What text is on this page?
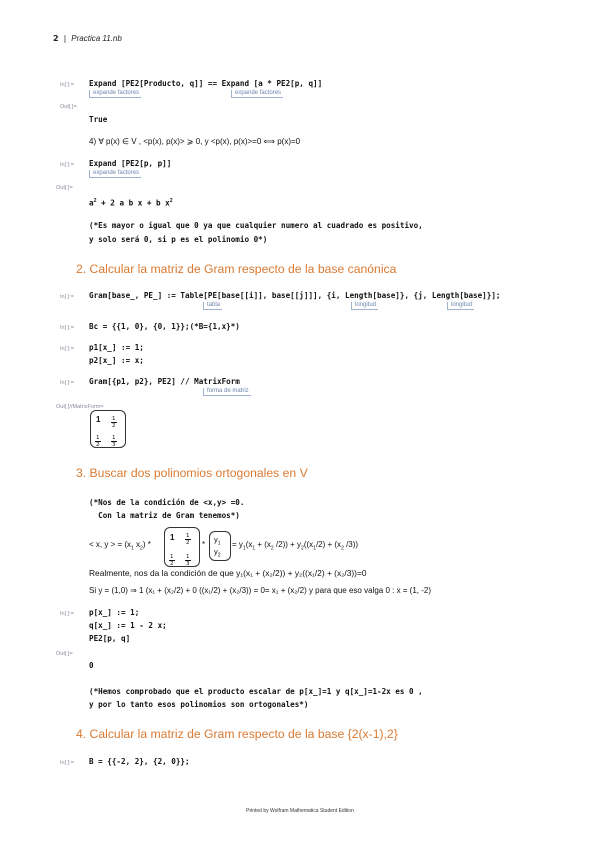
2 | Practica 11.nb
In[ ]:= Expand [PE2[Producto, q]] == Expand [a * PE2[p, q]]
expande factores	expande factores
Out[ ]=
True
4) ∀ p(x) ∈ V , <p(x), p(x)> ⩾ 0, y <p(x), p(x)>=0 ⟺ p(x)=0
In[ ]:= Expand [PE2[p, p]]
expande factores
Out[ ]=
$a^2 + 2$ a b x + b $x^2$
(*Es mayor o igual que 0 ya que cualquier numero al cuadrado es positivo,
y solo será 0, si p es el polinomio 0*)
2. Calcular la matriz de Gram respecto de la base canónica
In[ ]:= Gram[base_, PE_] := Table[PE[base[[i]], base[[j]]], {i, Length[base]}, {j, Length[base]}];
tabla	longitud	longitud
In[ ]:= Bc = {{1, 0}, {0, 1}};(*B={1,x}*)
In[ ]:= p1[x_] := 1;
p2[x_] := x;
In[ ]:= Gram[{p1, p2}, PE2] // MatrixForm
forma de matriz
Out[ ]//MatrixForm=
$1 \frac{1}{2}$
$\frac{1}{2} \frac{1}{3}$
3. Buscar dos polinomios ortogonales en V
(*Nos de la condición de <x,y> =0.
Con la matriz de Gram tenemos*)
< x, y > = ($x_1$ $x_2$) *
$1 \frac{1}{2}$
$\frac{1}{2} \frac{1}{3}$
*
$y_1$
$y_2$
= $y_1(x_1 + (x_2$ $/2)) + y_2((x_1/2) + (x_2$ /3))
Realmente, nos da la condición de que y₁(x₁ + (x₂/2)) + y₂((x₁/2) + (x₂/3))=0
Si y = (1,0) ⇒ 1 (x₁ + (x₂/2) + 0 ((x₁/2) + (x₂/3)) = 0= x₁ + (x₂/2) y para que eso valga 0 : x = (1, -2)
In[ ]:= p[x_] := 1;
q[x_] := 1 - 2 x;
PE2[p, q]
Out[ ]=
0
(*Hemos comprobado que el producto escalar de p[x_]=1 y q[x_]=1-2x es 0 ,
y por lo tanto esos polinomios son ortogonales*)
4. Calcular la matriz de Gram respecto de la base {2(x-1),2}
In[ ]:= B = {{-2, 2}, {2, 0}};
Printed by Wolfram Mathematica Student Edition
